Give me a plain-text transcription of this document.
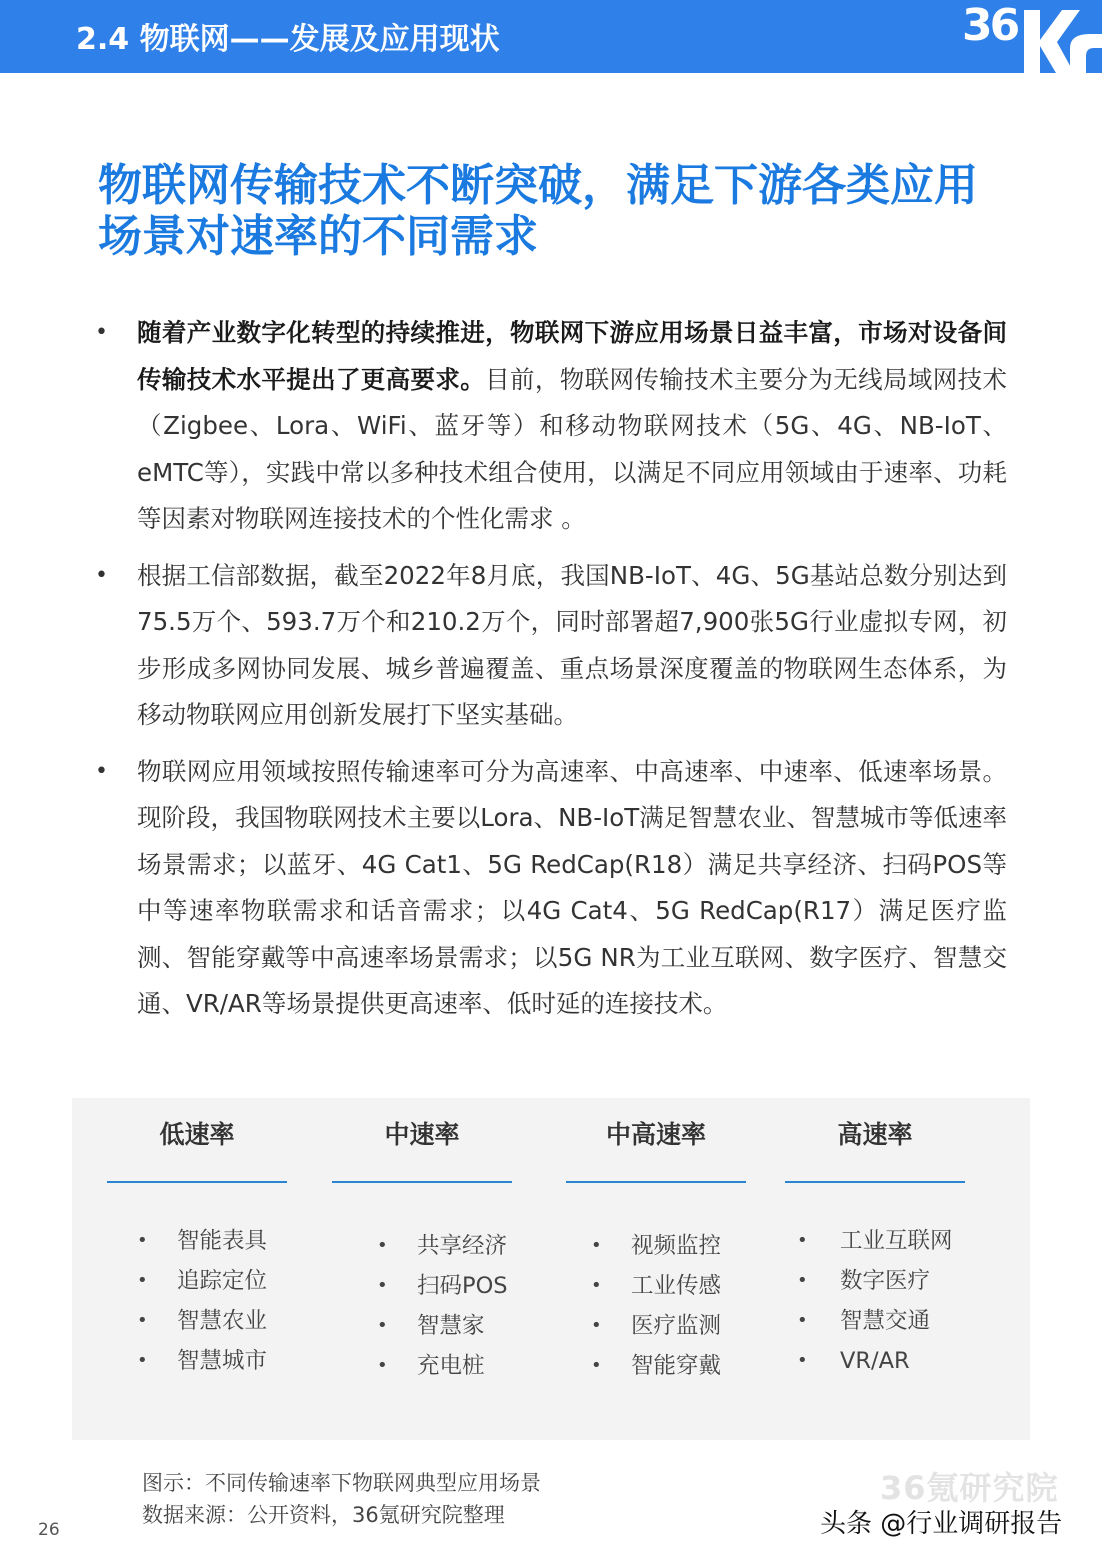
2.4 物联网——发展及应用现状	36
物联网传输技术不断突破，满足下游各类应用场景对速率的不同需求
• 随着产业数字化转型的持续推进，物联网下游应用场景日益丰富，市场对设备间传输技术水平提出了更高要求。目前，物联网传输技术主要分为无线局域网技术（Zigbee、Lora、WiFi、蓝牙等）和移动物联网技术（5G、4G、NB-IoT、eMTC等），实践中常以多种技术组合使用，以满足不同应用领域由于速率、功耗等因素对物联网连接技术的个性化需求 。
• 根据工信部数据，截至2022年8月底，我国NB-IoT、4G、5G基站总数分别达到75.5万个、593.7万个和210.2万个，同时部署超7,900张5G行业虚拟专网，初步形成多网协同发展、城乡普遍覆盖、重点场景深度覆盖的物联网生态体系，为移动物联网应用创新发展打下坚实基础。
• 物联网应用领域按照传输速率可分为高速率、中高速率、中速率、低速率场景。现阶段，我国物联网技术主要以Lora、NB-IoT满足智慧农业、智慧城市等低速率场景需求；以蓝牙、4G Cat1、5G RedCap(R18）满足共享经济、扫码POS等中等速率物联需求和话音需求；以4G Cat4、5G RedCap(R17）满足医疗监测、智能穿戴等中高速率场景需求；以5G NR为工业互联网、数字医疗、智慧交通、VR/AR等场景提供更高速率、低时延的连接技术。
低速率
• 智能表具
• 追踪定位
• 智慧农业
• 智慧城市
中速率
• 共享经济
• 扫码POS
• 智慧家
• 充电桩
中高速率
• 视频监控
• 工业传感
• 医疗监测
• 智能穿戴
高速率
• 工业互联网
• 数字医疗
• 智慧交通
• VR/AR
图示：不同传输速率下物联网典型应用场景
数据来源：公开资料，36氪研究院整理
26
36氪研究院
头条 @行业调研报告
